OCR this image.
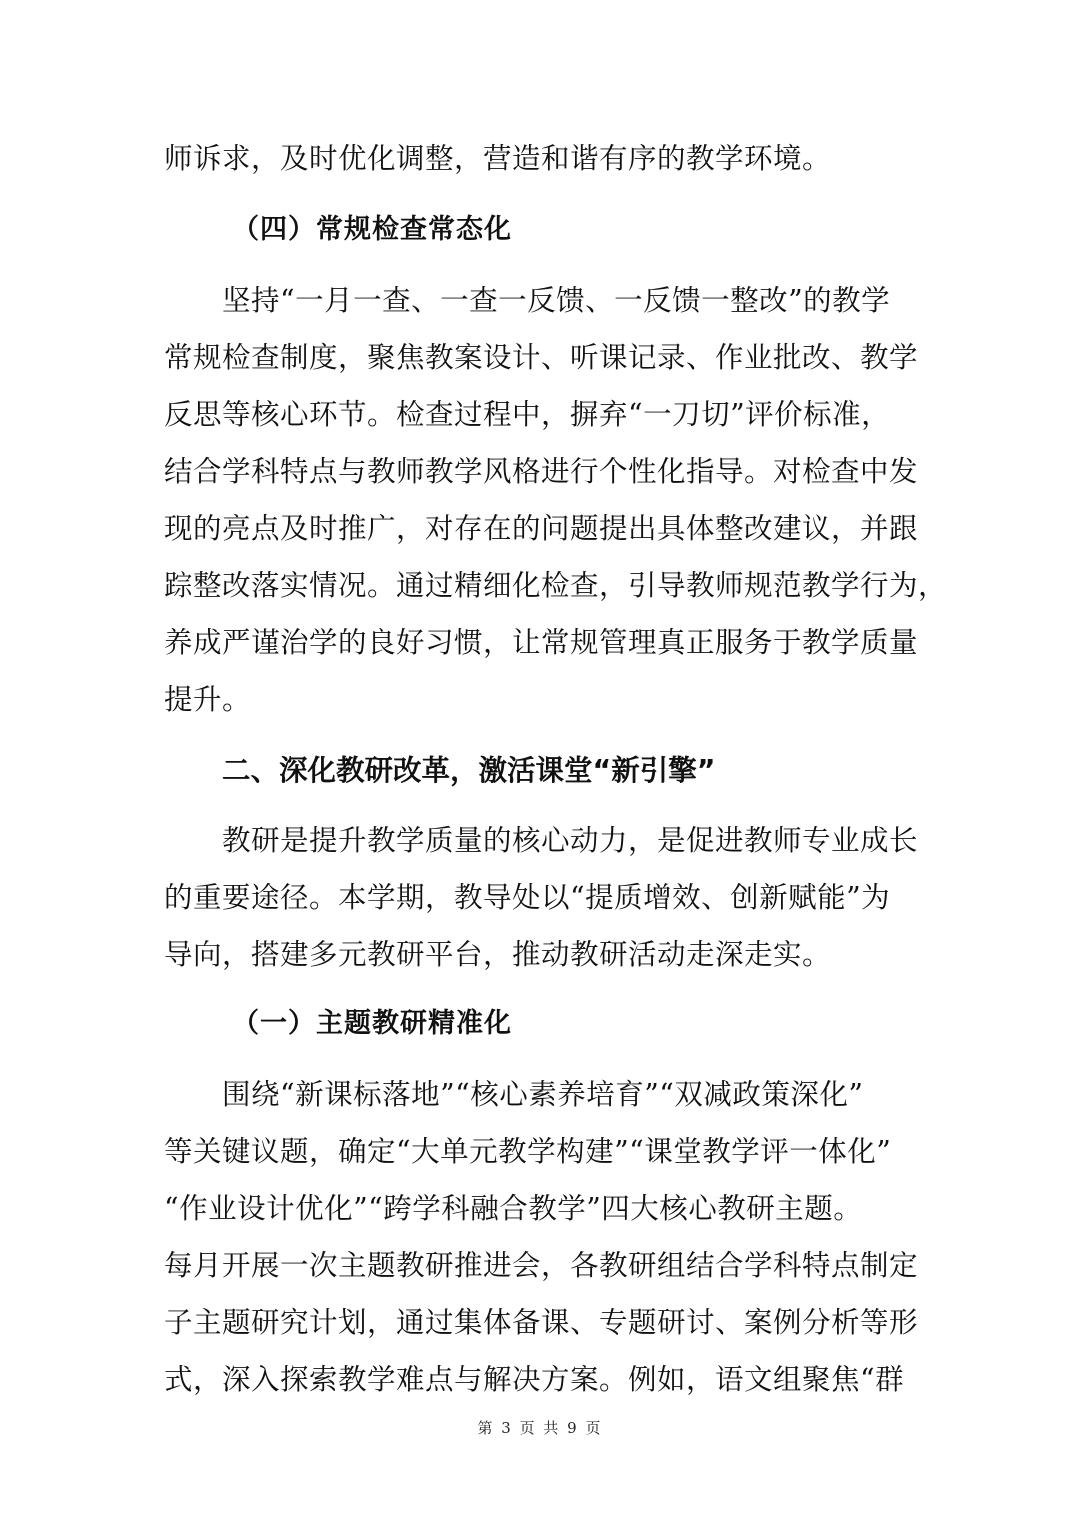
师诉求，及时优化调整，营造和谐有序的教学环境。
（四）常规检查常态化
坚持“一月一查、一查一反馈、一反馈一整改”的教学
常规检查制度，聚焦教案设计、听课记录、作业批改、教学
反思等核心环节。检查过程中，摒弃“一刀切”评价标准，
结合学科特点与教师教学风格进行个性化指导。对检查中发
现的亮点及时推广，对存在的问题提出具体整改建议，并跟
踪整改落实情况。通过精细化检查，引导教师规范教学行为，
养成严谨治学的良好习惯，让常规管理真正服务于教学质量
提升。
二、深化教研改革，激活课堂“新引擎”
教研是提升教学质量的核心动力，是促进教师专业成长
的重要途径。本学期，教导处以“提质增效、创新赋能”为
导向，搭建多元教研平台，推动教研活动走深走实。
（一）主题教研精准化
围绕“新课标落地”“核心素养培育”“双减政策深化”
等关键议题，确定“大单元教学构建”“课堂教学评一体化”
“作业设计优化”“跨学科融合教学”四大核心教研主题。
每月开展一次主题教研推进会，各教研组结合学科特点制定
子主题研究计划，通过集体备课、专题研讨、案例分析等形
式，深入探索教学难点与解决方案。例如，语文组聚焦“群
第 3 页 共 9 页
